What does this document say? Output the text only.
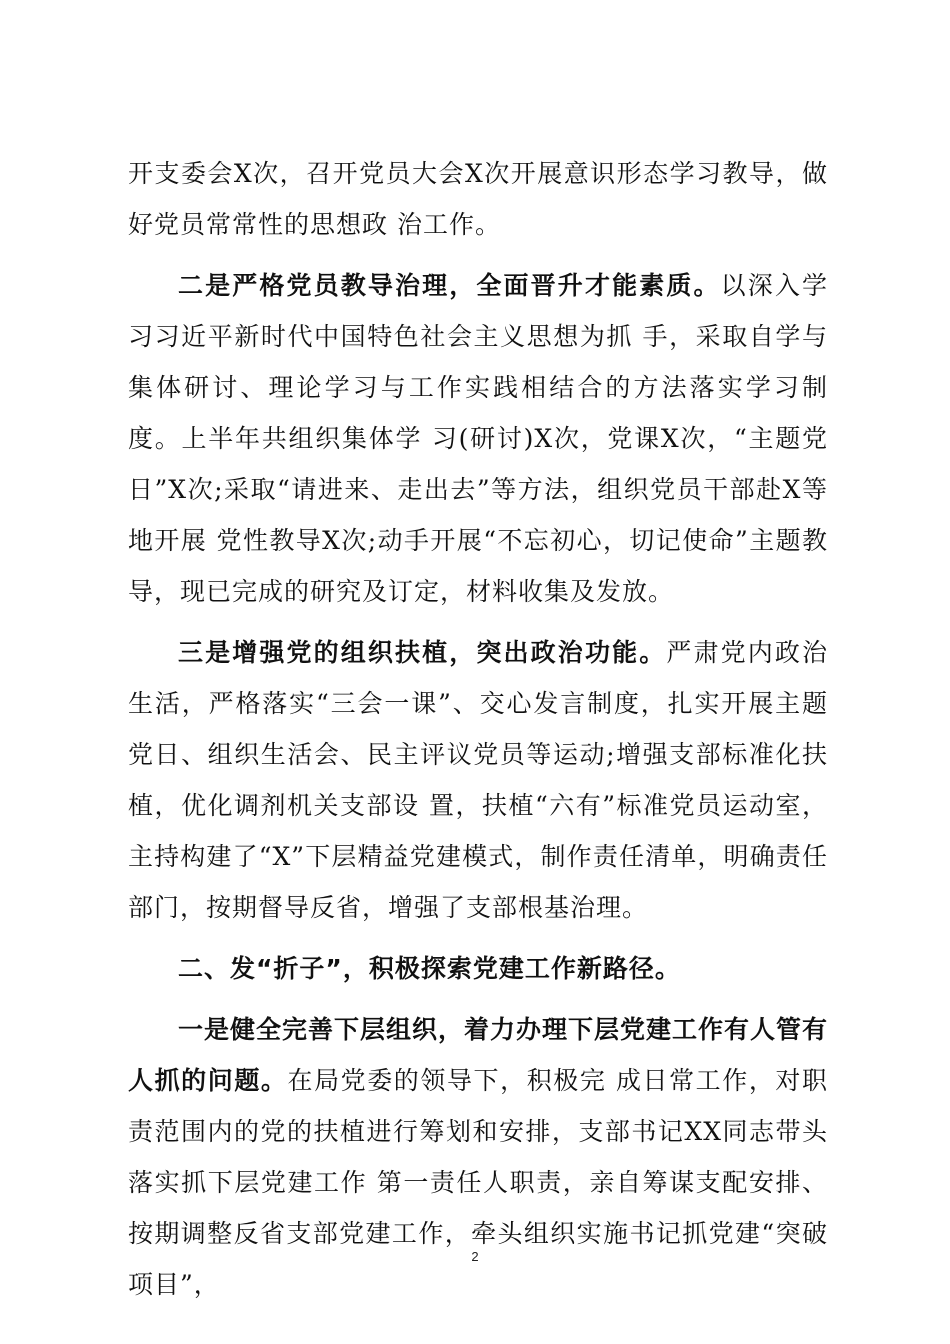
开支委会X次，召开党员大会X次开展意识形态学习教导，做好党员常常性的思想政 治工作。

二是严格党员教导治理，全面晋升才能素质。以深入学习习近平新时代中国特色社会主义思想为抓 手，采取自学与集体研讨、理论学习与工作实践相结合的方法落实学习制度。上半年共组织集体学 习(研讨)X次，党课X次，“主题党日”X次;采取“请进来、走出去”等方法，组织党员干部赴X等地开展 党性教导X次;动手开展“不忘初心，切记使命”主题教导，现已完成的研究及订定，材料收集及发放。

三是增强党的组织扶植，突出政治功能。严肃党内政治生活，严格落实“三会一课”、交心发言制度，扎实开展主题党日、组织生活会、民主评议党员等运动;增强支部标准化扶植，优化调剂机关支部设 置，扶植“六有”标准党员运动室，主持构建了“X”下层精益党建模式，制作责任清单，明确责任部门，按期督导反省，增强了支部根基治理。

二、发“折子”，积极探索党建工作新路径。

一是健全完善下层组织，着力办理下层党建工作有人管有人抓的问题。在局党委的领导下，积极完 成日常工作，对职责范围内的党的扶植进行筹划和安排，支部书记XX同志带头落实抓下层党建工作 第一责任人职责，亲自筹谋支配安排、按期调整反省支部党建工作，牵头组织实施书记抓党建“突破 项目”，

2
